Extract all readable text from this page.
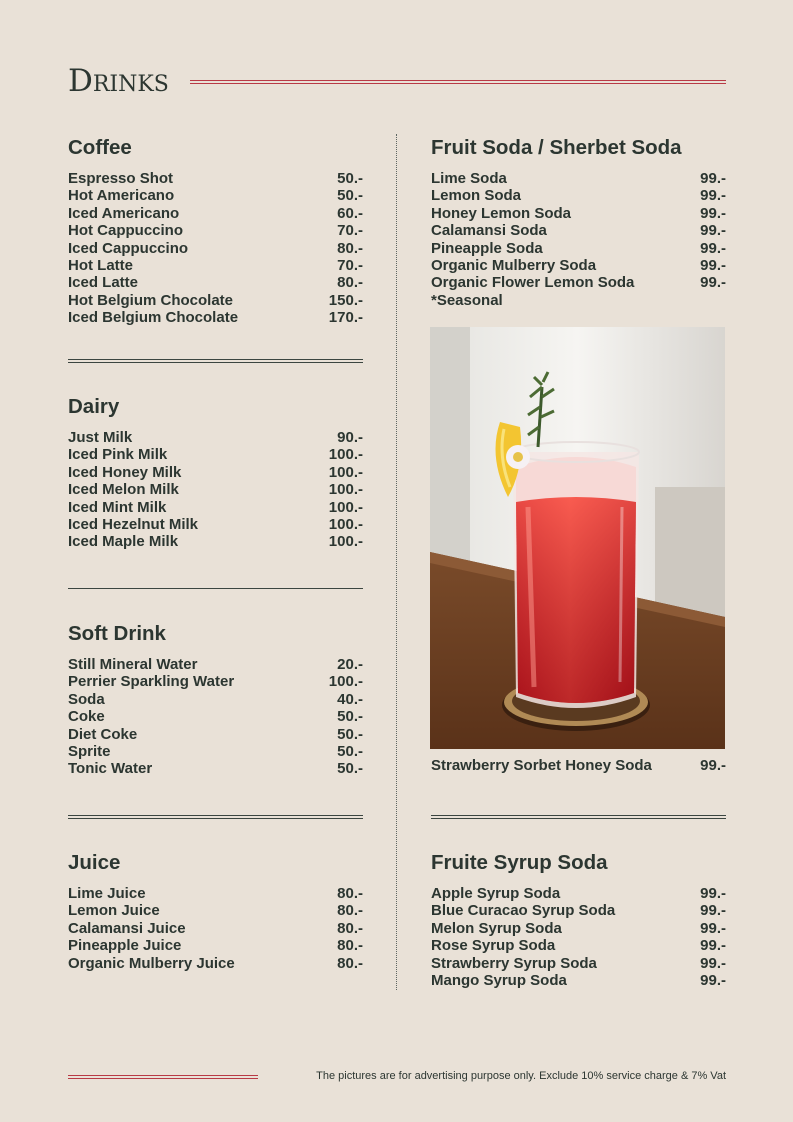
Drinks
Coffee
Espresso Shot	50.-
Hot Americano	50.-
Iced Americano	60.-
Hot Cappuccino	70.-
Iced Cappuccino	80.-
Hot Latte	70.-
Iced Latte	80.-
Hot Belgium Chocolate	150.-
Iced Belgium Chocolate	170.-
Dairy
Just Milk	90.-
Iced Pink Milk	100.-
Iced Honey Milk	100.-
Iced Melon Milk	100.-
Iced Mint Milk	100.-
Iced Hezelnut Milk	100.-
Iced Maple Milk	100.-
Soft Drink
Still Mineral Water	20.-
Perrier Sparkling Water	100.-
Soda	40.-
Coke	50.-
Diet Coke	50.-
Sprite	50.-
Tonic Water	50.-
Juice
Lime Juice	80.-
Lemon Juice	80.-
Calamansi Juice	80.-
Pineapple Juice	80.-
Organic Mulberry Juice	80.-
Fruit Soda / Sherbet Soda
Lime Soda	99.-
Lemon Soda	99.-
Honey Lemon Soda	99.-
Calamansi Soda	99.-
Pineapple Soda	99.-
Organic Mulberry Soda	99.-
Organic Flower Lemon Soda	99.-
*Seasonal
Strawberry Sorbet Honey Soda	99.-
Fruite Syrup Soda
Apple Syrup Soda	99.-
Blue Curacao Syrup Soda	99.-
Melon Syrup Soda	99.-
Rose Syrup Soda	99.-
Strawberry Syrup Soda	99.-
Mango Syrup Soda	99.-
The pictures are for advertising purpose only. Exclude 10% service charge & 7% Vat
